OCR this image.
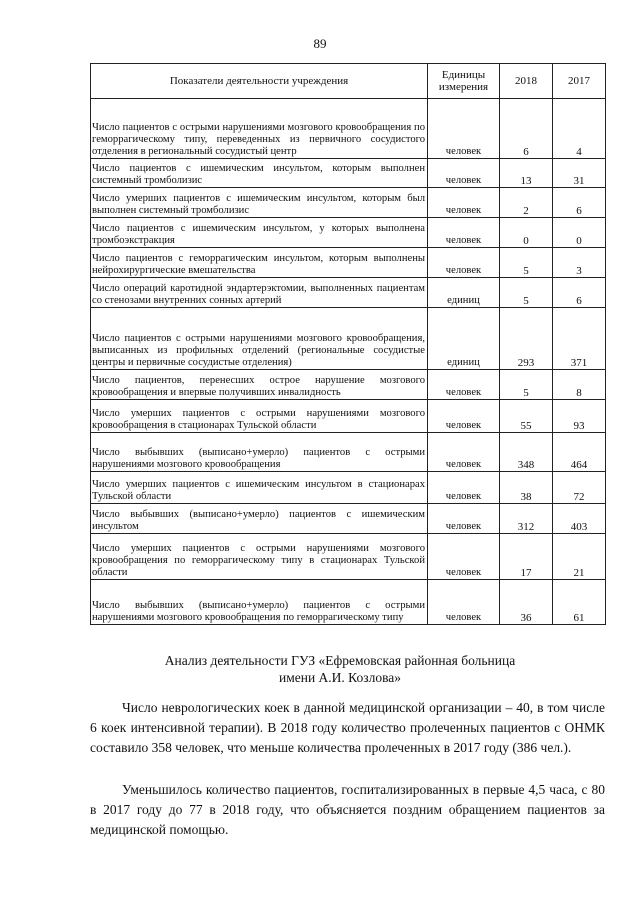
89
Показатели деятельности учреждения	Единицы измерения	2018	2017
Число пациентов с острыми нарушениями мозгового кровообращения по геморрагическому типу, переведенных из первичного сосудистого отделения в региональный сосудистый центр	человек	6	4
Число пациентов с ишемическим инсультом, которым выполнен системный тромболизис	человек	13	31
Число умерших пациентов с ишемическим инсультом, которым был выполнен системный тромболизис	человек	2	6
Число пациентов с ишемическим инсультом, у которых выполнена тромбоэкстракция	человек	0	0
Число пациентов с геморрагическим инсультом, которым выполнены нейрохирургические вмешательства	человек	5	3
Число операций каротидной эндартерэктомии, выполненных пациентам со стенозами внутренних сонных артерий	единиц	5	6
Число пациентов с острыми нарушениями мозгового кровообращения, выписанных из профильных отделений (региональные сосудистые центры и первичные сосудистые отделения)	единиц	293	371
Число пациентов, перенесших острое нарушение мозгового кровообращения и впервые получивших инвалидность	человек	5	8
Число умерших пациентов с острыми нарушениями мозгового кровообращения в стационарах Тульской области	человек	55	93
Число выбывших (выписано+умерло) пациентов с острыми нарушениями мозгового кровообращения	человек	348	464
Число умерших пациентов с ишемическим инсультом в стационарах Тульской области	человек	38	72
Число выбывших (выписано+умерло) пациентов с ишемическим инсультом	человек	312	403
Число умерших пациентов с острыми нарушениями мозгового кровообращения по геморрагическому типу в стационарах Тульской области	человек	17	21
Число выбывших (выписано+умерло) пациентов с острыми нарушениями мозгового кровообращения по геморрагическому типу	человек	36	61
Анализ деятельности ГУЗ «Ефремовская районная больница
имени А.И. Козлова»

Число неврологических коек в данной медицинской организации – 40, в том числе 6 коек интенсивной терапии). В 2018 году количество пролеченных пациентов с ОНМК составило 358 человек, что меньше количества пролеченных в 2017 году (386 чел.).

Уменьшилось количество пациентов, госпитализированных в первые 4,5 часа, с 80 в 2017 году до 77 в 2018 году, что объясняется поздним обращением пациентов за медицинской помощью.
